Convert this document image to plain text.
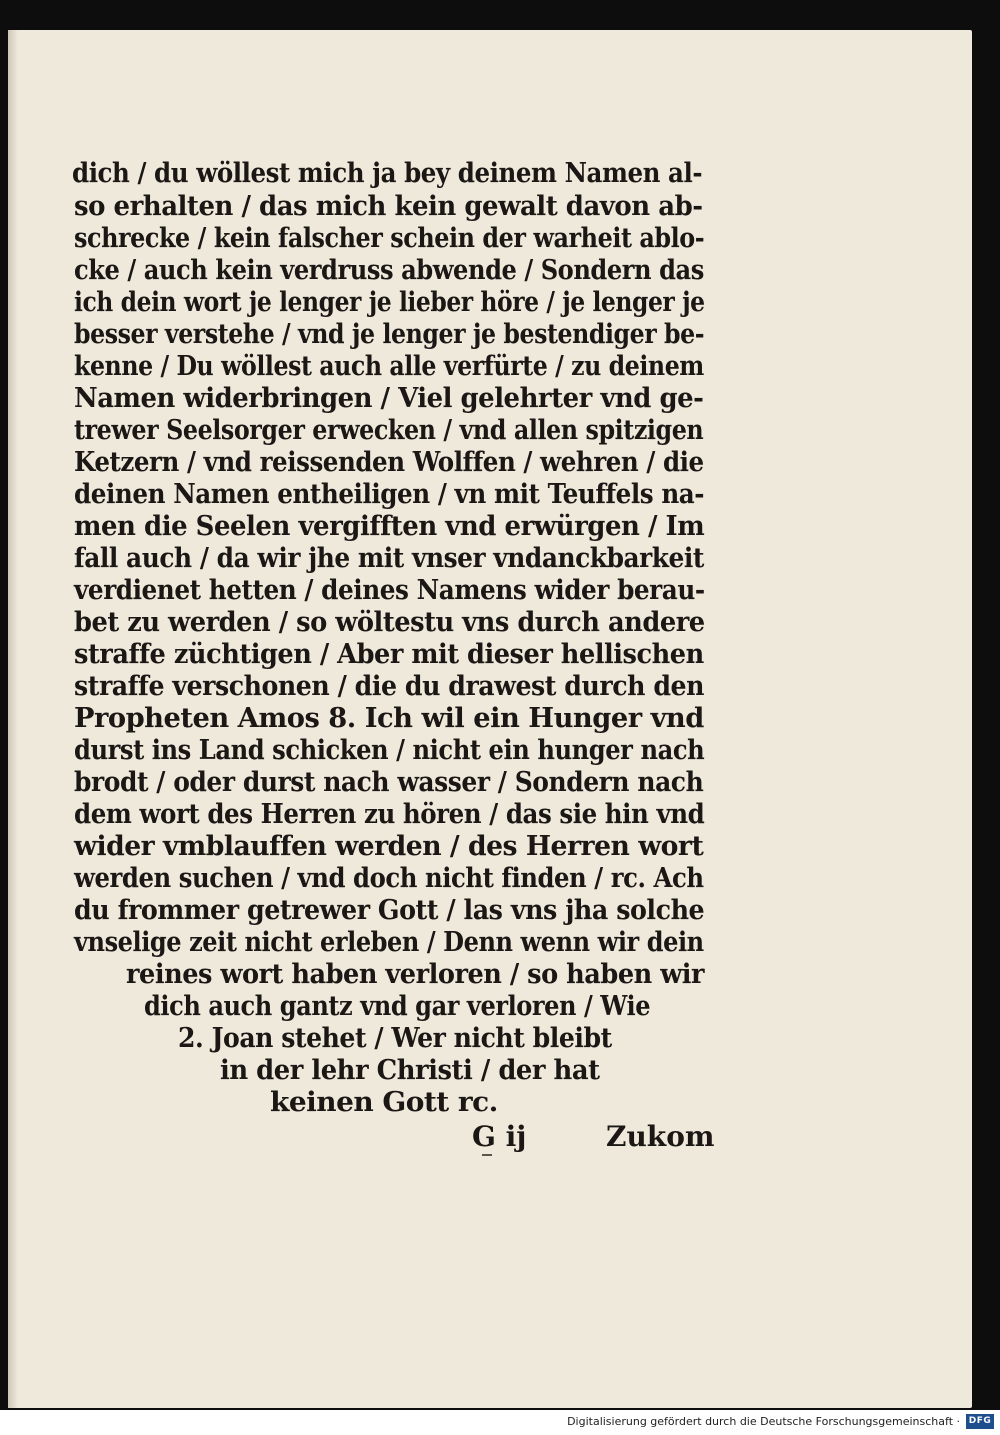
dich / du wöllest mich ja bey deinem Namen al-
so erhalten / das mich kein gewalt davon ab-
schrecke / kein falscher schein der warheit ablo-
cke / auch kein verdruss abwende / Sondern das
ich dein wort je lenger je lieber höre / je lenger je
besser verstehe / vnd je lenger je bestendiger be-
kenne / Du wöllest auch alle verfürte / zu deinem
Namen widerbringen / Viel gelehrter vnd ge-
trewer Seelsorger erwecken / vnd allen spitzigen
Ketzern / vnd reissenden Wolffen / wehren / die
deinen Namen entheiligen / vn mit Teuffels na-
men die Seelen vergifften vnd erwürgen / Im
fall auch / da wir jhe mit vnser vndanckbarkeit
verdienet hetten / deines Namens wider berau-
bet zu werden / so wöltestu vns durch andere
straffe züchtigen / Aber mit dieser hellischen
straffe verschonen / die du drawest durch den
Propheten Amos 8. Ich wil ein Hunger vnd
durst ins Land schicken / nicht ein hunger nach
brodt / oder durst nach wasser / Sondern nach
dem wort des Herren zu hören / das sie hin vnd
wider vmblauffen werden / des Herren wort
werden suchen / vnd doch nicht finden / rc. Ach
du frommer getrewer Gott / las vns jha solche
vnselige zeit nicht erleben / Denn wenn wir dein
reines wort haben verloren / so haben wir
dich auch gantz vnd gar verloren / Wie
2. Joan stehet / Wer nicht bleibt
in der lehr Christi / der hat
keinen Gott rc.
G ij	Zukom
Digitalisierung gefördert durch die Deutsche Forschungsgemeinschaft · DFG
